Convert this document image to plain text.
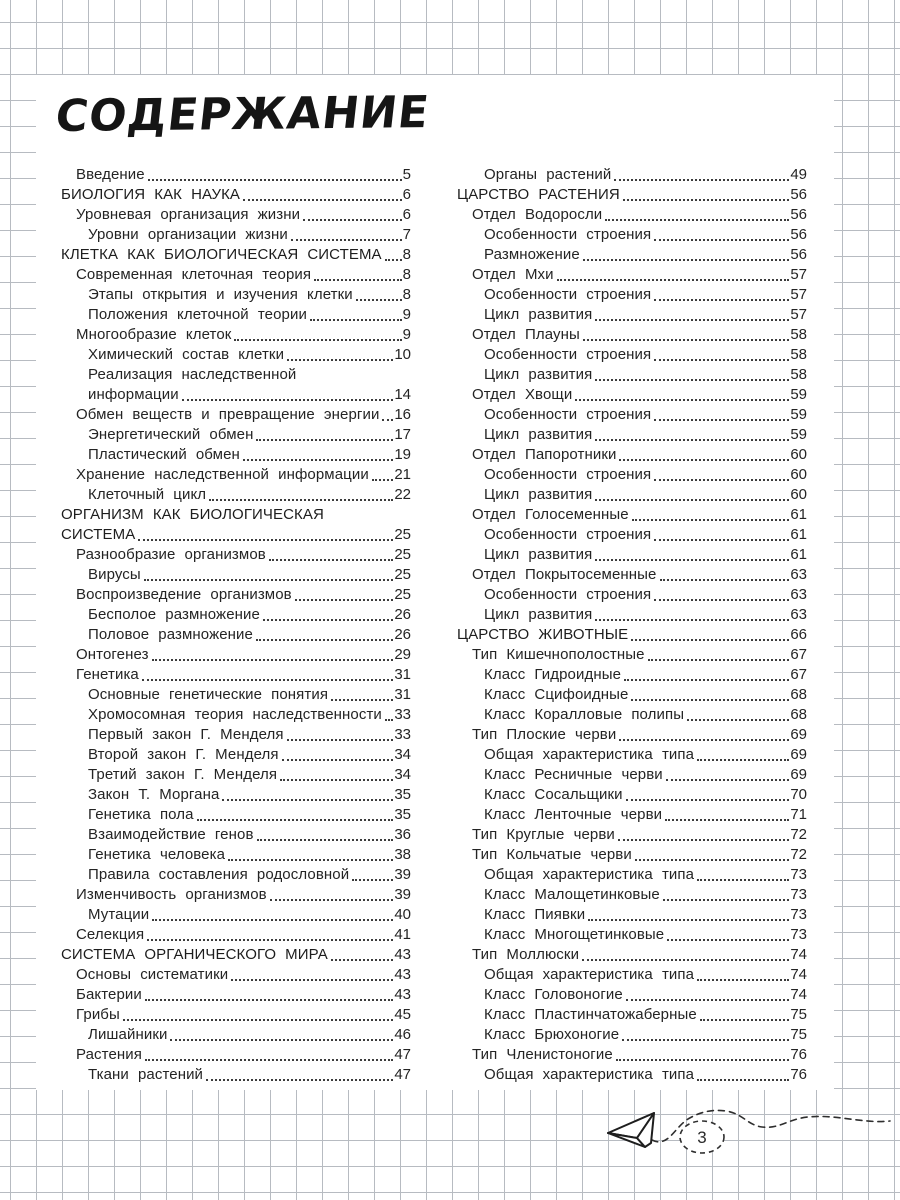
СОДЕРЖАНИЕ
Введение	5
БИОЛОГИЯ КАК НАУКА	6
Уровневая организация жизни	6
Уровни организации жизни	7
КЛЕТКА КАК БИОЛОГИЧЕСКАЯ СИСТЕМА 8
Современная клеточная теория	8
Этапы открытия и изучения клетки	8
Положения клеточной теории	9
Многообразие клеток	9
Химический состав клетки	10
Реализация наследственной
информации	14
Обмен веществ и превращение энергии 16
Энергетический обмен	17
Пластический обмен	19
Хранение наследственной информации 21
Клеточный цикл	22
ОРГАНИЗМ КАК БИОЛОГИЧЕСКАЯ
СИСТЕМА	25
Разнообразие организмов	25
Вирусы	25
Воспроизведение организмов	25
Бесполое размножение	26
Половое размножение	26
Онтогенез	29
Генетика	31
Основные генетические понятия	31
Хромосомная теория наследственности 33
Первый закон Г. Менделя	33
Второй закон Г. Менделя	34
Третий закон Г. Менделя	34
Закон Т. Моргана	35
Генетика пола	35
Взаимодействие генов	36
Генетика человека	38
Правила составления родословной	39
Изменчивость организмов	39
Мутации	40
Селекция	41
СИСТЕМА ОРГАНИЧЕСКОГО МИРА	43
Основы систематики	43
Бактерии	43
Грибы	45
Лишайники	46
Растения	47
Ткани растений	47
Органы растений	49
ЦАРСТВО РАСТЕНИЯ	56
Отдел Водоросли	56
Особенности строения	56
Размножение	56
Отдел Мхи	57
Особенности строения	57
Цикл развития	57
Отдел Плауны	58
Особенности строения	58
Цикл развития	58
Отдел Хвощи	59
Особенности строения	59
Цикл развития	59
Отдел Папоротники	60
Особенности строения	60
Цикл развития	60
Отдел Голосеменные	61
Особенности строения	61
Цикл развития	61
Отдел Покрытосеменные	63
Особенности строения	63
Цикл развития	63
ЦАРСТВО ЖИВОТНЫЕ	66
Тип Кишечнополостные	67
Класс Гидроидные	67
Класс Сцифоидные	68
Класс Коралловые полипы	68
Тип Плоские черви	69
Общая характеристика типа	69
Класс Ресничные черви	69
Класс Сосальщики	70
Класс Ленточные черви	71
Тип Круглые черви	72
Тип Кольчатые черви	72
Общая характеристика типа	73
Класс Малощетинковые	73
Класс Пиявки	73
Класс Многощетинковые	73
Тип Моллюски	74
Общая характеристика типа	74
Класс Головоногие	74
Класс Пластинчатожаберные	75
Класс Брюхоногие	75
Тип Членистоногие	76
Общая характеристика типа	76
3
